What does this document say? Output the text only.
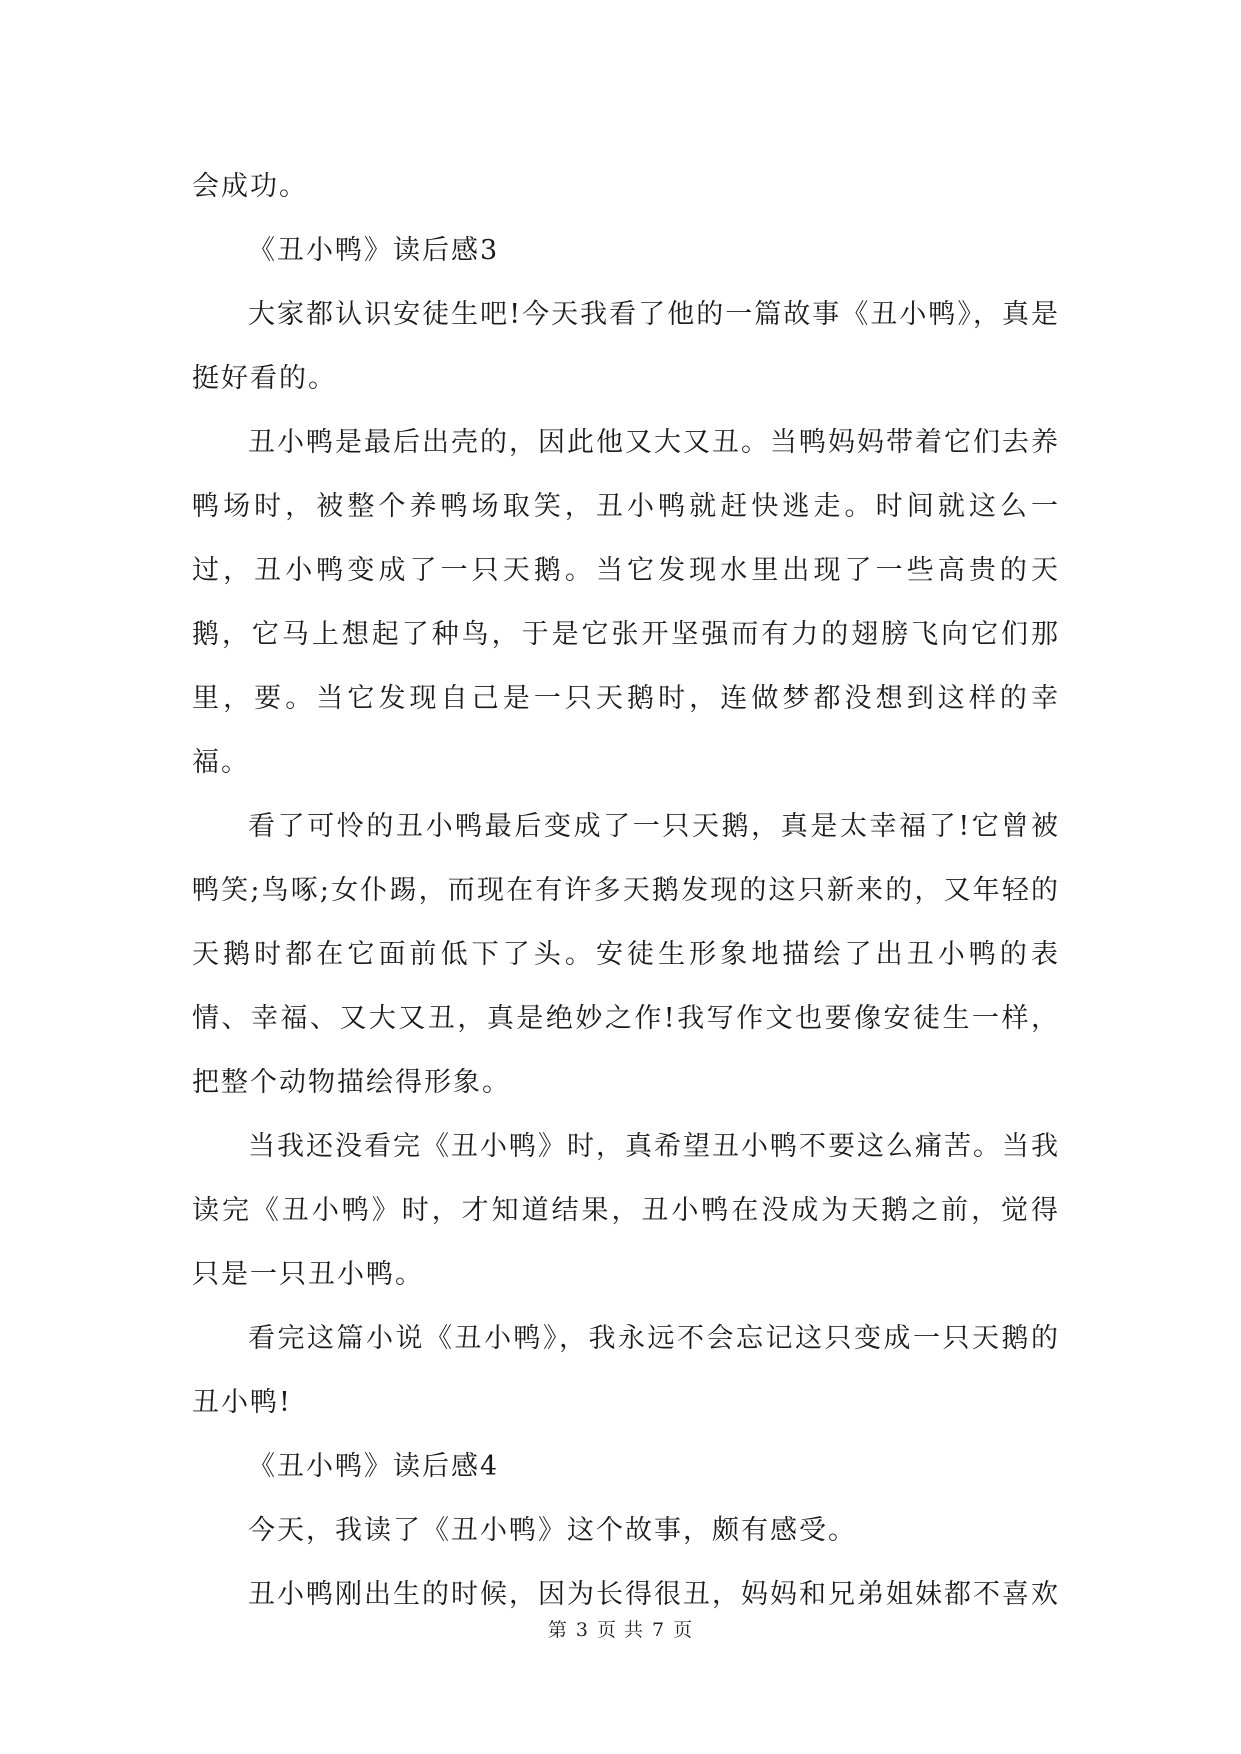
会成功。

《丑小鸭》读后感3

大家都认识安徒生吧!今天我看了他的一篇故事《丑小鸭》，真是挺好看的。

丑小鸭是最后出壳的，因此他又大又丑。当鸭妈妈带着它们去养鸭场时，被整个养鸭场取笑，丑小鸭就赶快逃走。时间就这么一过，丑小鸭变成了一只天鹅。当它发现水里出现了一些高贵的天鹅，它马上想起了种鸟，于是它张开坚强而有力的翅膀飞向它们那里，要。当它发现自己是一只天鹅时，连做梦都没想到这样的幸福。

看了可怜的丑小鸭最后变成了一只天鹅，真是太幸福了!它曾被鸭笑;鸟啄;女仆踢，而现在有许多天鹅发现的这只新来的，又年轻的天鹅时都在它面前低下了头。安徒生形象地描绘了出丑小鸭的表情、幸福、又大又丑，真是绝妙之作!我写作文也要像安徒生一样，把整个动物描绘得形象。

当我还没看完《丑小鸭》时，真希望丑小鸭不要这么痛苦。当我读完《丑小鸭》时，才知道结果，丑小鸭在没成为天鹅之前，觉得只是一只丑小鸭。

看完这篇小说《丑小鸭》，我永远不会忘记这只变成一只天鹅的丑小鸭!

《丑小鸭》读后感4

今天，我读了《丑小鸭》这个故事，颇有感受。

丑小鸭刚出生的时候，因为长得很丑，妈妈和兄弟姐妹都不喜欢

第 3 页 共 7 页
